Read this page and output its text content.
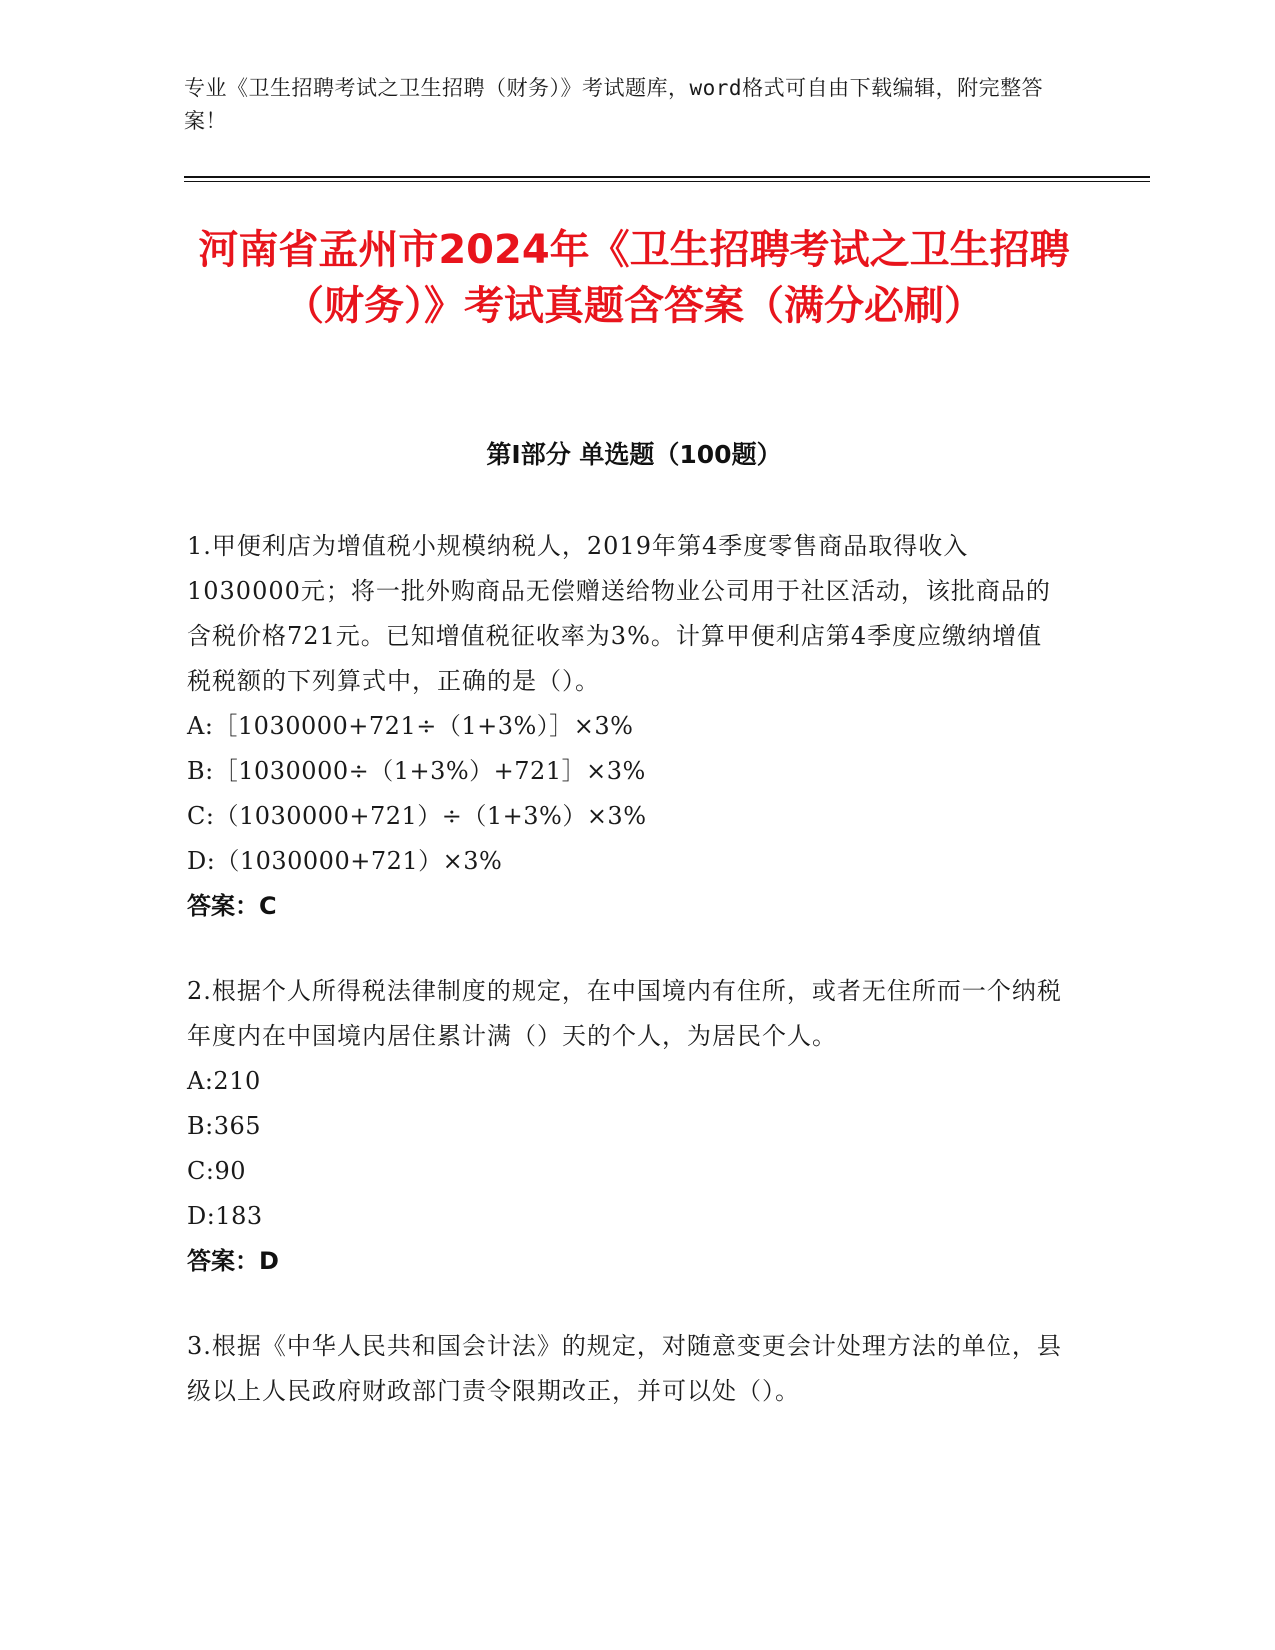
专业《卫生招聘考试之卫生招聘（财务）》考试题库，word格式可自由下载编辑，附完整答案！
河南省孟州市2024年《卫生招聘考试之卫生招聘（财务）》考试真题含答案（满分必刷）
第Ⅰ部分 单选题（100题）
1.甲便利店为增值税小规模纳税人，2019年第4季度零售商品取得收入1030000元；将一批外购商品无偿赠送给物业公司用于社区活动，该批商品的含税价格721元。已知增值税征收率为3%。计算甲便利店第4季度应缴纳增值税税额的下列算式中，正确的是（）。
A:［1030000+721÷（1+3%）］×3%
B:［1030000÷（1+3%）+721］×3%
C:（1030000+721）÷（1+3%）×3%
D:（1030000+721）×3%
答案：C
2.根据个人所得税法律制度的规定，在中国境内有住所，或者无住所而一个纳税年度内在中国境内居住累计满（）天的个人，为居民个人。
A:210
B:365
C:90
D:183
答案：D
3.根据《中华人民共和国会计法》的规定，对随意变更会计处理方法的单位，县级以上人民政府财政部门责令限期改正，并可以处（）。
